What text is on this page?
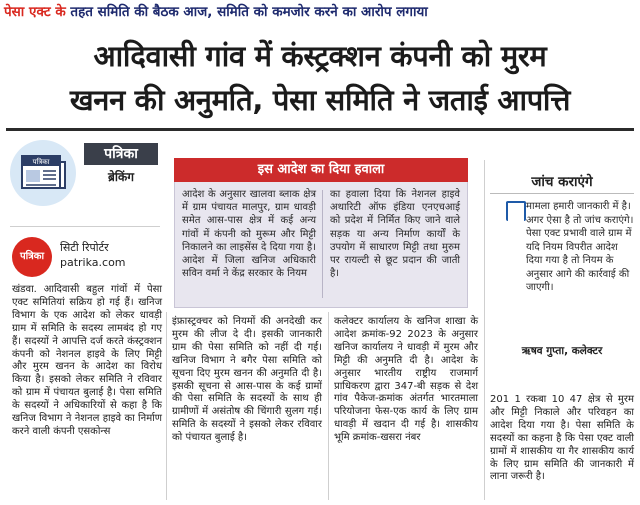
पेसा एक्ट के तहत समिति की बैठक आज, समिति को कमजोर करने का आरोप लगाया
आदिवासी गांव में कंस्ट्रक्शन कंपनी को मुरम
खनन की अनुमति, पेसा समिति ने जताई आपत्ति
पत्रिका	पत्रिका
ब्रेकिंग
पत्रिका
सिटी रिपोर्टर
patrika.com
इस आदेश का दिया हवाला
आदेश के अनुसार खालवा ब्लाक क्षेत्र में ग्राम पंचायत मालपुर, ग्राम धावड़ी समेत आस-पास क्षेत्र में कई अन्य गांवों में कंपनी को मुरूम और मिट्टी निकालने का लाइसेंस दे दिया गया है। आदेश में जिला खनिज अधिकारी सविन वर्मा ने केंद्र सरकार के नियम
का हवाला दिया कि नेशनल हाइवे अथारिटी ऑफ इंडिया एनएचआई को प्रदेश में निर्मित किए जाने वाले सड़क या अन्य निर्माण कार्यों के उपयोग में साधारण मिट्टी तथा मुरुम पर रायल्टी से छूट प्रदान की जाती है।
जांच कराएंगे
मामला हमारी जानकारी में है। अगर ऐसा है तो जांच कराएंगे। पेसा एक्ट प्रभावी वाले ग्राम में यदि नियम विपरीत आदेश दिया गया है तो नियम के अनुसार आगे की कार्रवाई की जाएगी।
ऋषव गुप्ता, कलेक्टर

खंडवा. आदिवासी बहुल गांवों में पेसा एक्ट समितियां सक्रिय हो गई हैं। खनिज विभाग के एक आदेश को लेकर धावड़ी ग्राम में समिति के सदस्य लामबंद हो गए हैं। सदस्यों ने आपत्ति दर्ज करते कंस्ट्रक्शन कंपनी को नेशनल हाइवे के लिए मिट्टी और मुरम खनन के आदेश का विरोध किया है। इसको लेकर समिति ने रविवार को ग्राम में पंचायत बुलाई है। पेसा समिति के सदस्यों ने अधिकारियों से कहा है कि खनिज विभाग ने नेशनल हाइवे का निर्माण करने वाली कंपनी एसकोन्स

इंफ्रास्ट्रक्चर को नियमों की अनदेखी कर मुरम की लीज दे दी। इसकी जानकारी ग्राम की पेसा समिति को नहीं दी गई। खनिज विभाग ने बगैर पेसा समिति को सूचना दिए मुरम खनन की अनुमति दी है। इसकी सूचना से आस-पास के कई ग्रामों की पेसा समिति के सदस्यों के साथ ही ग्रामीणों में असंतोष की चिंगारी सुलग गई। समिति के सदस्यों ने इसको लेकर रविवार को पंचायत बुलाई है।

कलेक्टर कार्यालय के खनिज शाखा के आदेश क्रमांक-92 2023 के अनुसार खनिज कार्यालय ने धावड़ी में मुरम और मिट्टी की अनुमति दी है। आदेश के अनुसार भारतीय राष्ट्रीय राजमार्ग प्राधिकरण द्वारा 347-बी सड़क से देश गांव पैकेज-क्रमांक अंतर्गत भारतमाला परियोजना फेस-एक कार्य के लिए ग्राम धावड़ी में खदान दी गई है। शासकीय भूमि क्रमांक-खसरा नंबर

201 1 रकबा 10 47 क्षेत्र से मुरम और मिट्टी निकाले और परिवहन का आदेश दिया गया है। पेसा समिति के सदस्यों का कहना है कि पेसा एक्ट वाली ग्रामों में शासकीय या गैर शासकीय कार्य के लिए ग्राम समिति की जानकारी में लाना जरूरी है।
